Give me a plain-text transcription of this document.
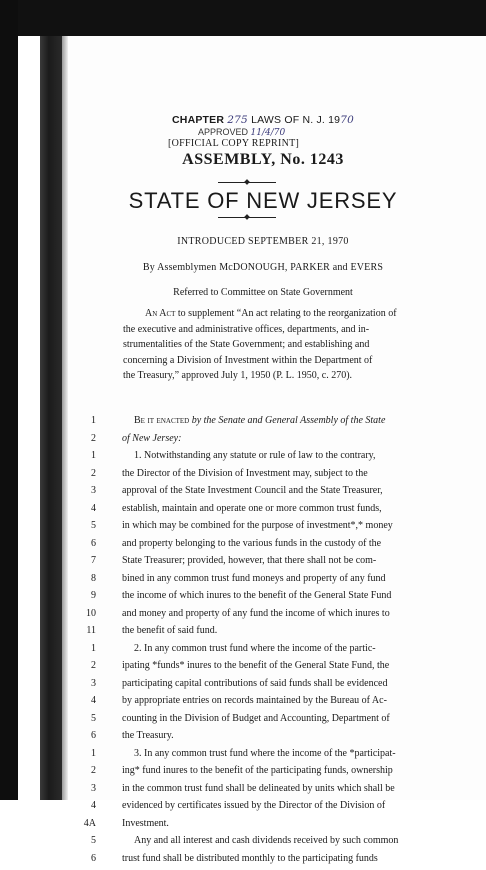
CHAPTER 275 LAWS OF N. J. 1970
APPROVED 11/4/70
[OFFICIAL COPY REPRINT]
ASSEMBLY, No. 1243
STATE OF NEW JERSEY
INTRODUCED SEPTEMBER 21, 1970
By Assemblymen McDONOUGH, PARKER and EVERS
Referred to Committee on State Government
An Act to supplement “An act relating to the reorganization of
the executive and administrative offices, departments, and in-
strumentalities of the State Government; and establishing and
concerning a Division of Investment within the Department of
the Treasury,” approved July 1, 1950 (P. L. 1950, c. 270).
1	Be it enacted by the Senate and General Assembly of the State
2	of New Jersey:
1	1. Notwithstanding any statute or rule of law to the contrary,
2	the Director of the Division of Investment may, subject to the
3	approval of the State Investment Council and the State Treasurer,
4	establish, maintain and operate one or more common trust funds,
5	in which may be combined for the purpose of investment*,* money
6	and property belonging to the various funds in the custody of the
7	State Treasurer; provided, however, that there shall not be com-
8	bined in any common trust fund moneys and property of any fund
9	the income of which inures to the benefit of the General State Fund
10	and money and property of any fund the income of which inures to
11	the benefit of said fund.
1	2. In any common trust fund where the income of the partic-
2	ipating *funds* inures to the benefit of the General State Fund, the
3	participating capital contributions of said funds shall be evidenced
4	by appropriate entries on records maintained by the Bureau of Ac-
5	counting in the Division of Budget and Accounting, Department of
6	the Treasury.
1	3. In any common trust fund where the income of the *participat-
2	ing* fund inures to the benefit of the participating funds, ownership
3	in the common trust fund shall be delineated by units which shall be
4	evidenced by certificates issued by the Director of the Division of
4A	Investment.
5	Any and all interest and cash dividends received by such common
6	trust fund shall be distributed monthly to the participating funds
